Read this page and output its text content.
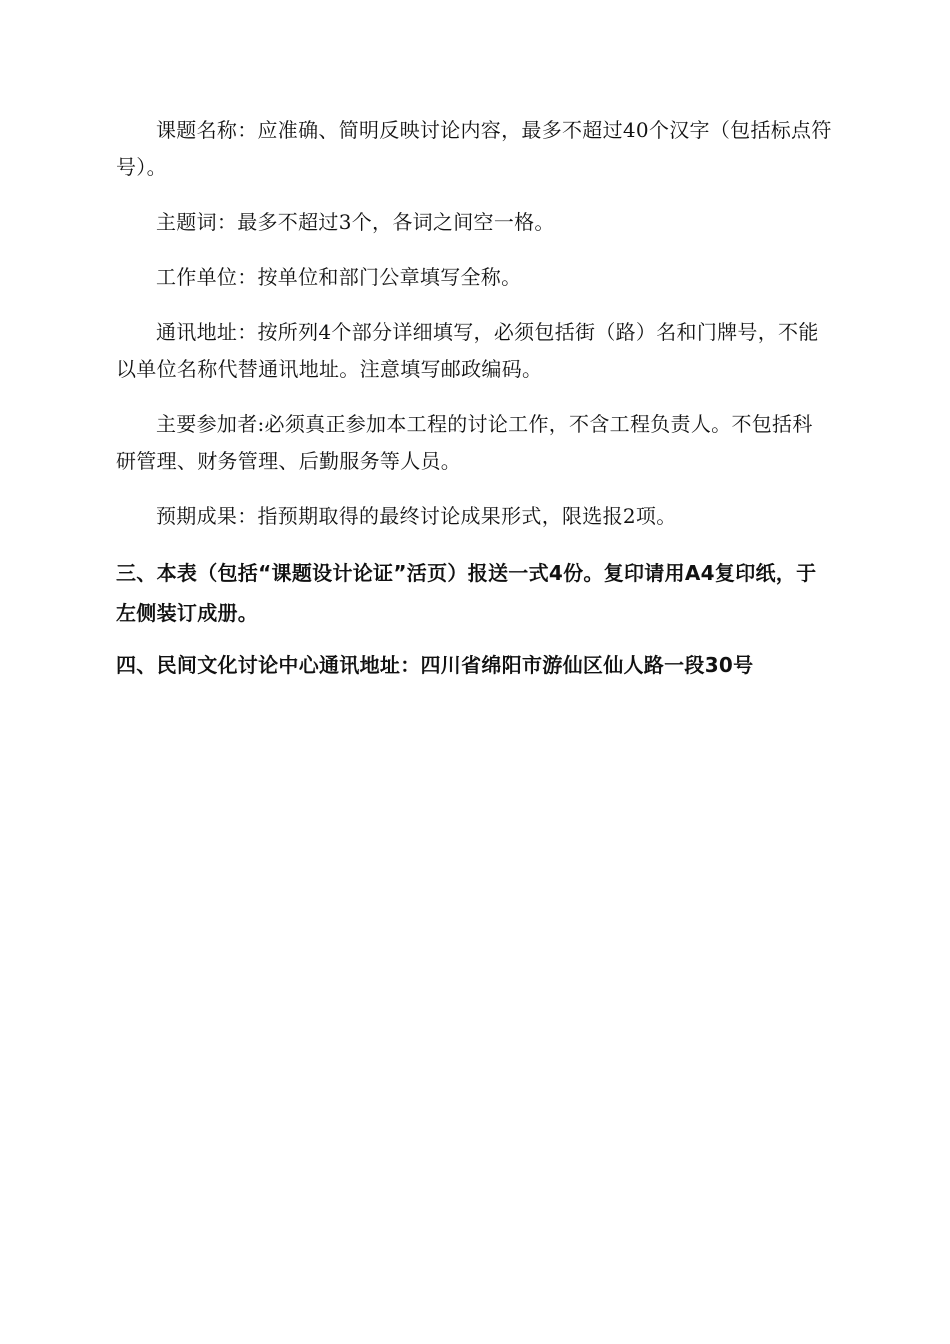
课题名称：应准确、简明反映讨论内容，最多不超过40个汉字（包括标点符号）。

主题词：最多不超过3个，各词之间空一格。

工作单位：按单位和部门公章填写全称。

通讯地址：按所列4个部分详细填写，必须包括街（路）名和门牌号，不能以单位名称代替通讯地址。注意填写邮政编码。

主要参加者:必须真正参加本工程的讨论工作，不含工程负责人。不包括科研管理、财务管理、后勤服务等人员。

预期成果：指预期取得的最终讨论成果形式，限选报2项。

三、本表（包括“课题设计论证”活页）报送一式4份。复印请用A4复印纸，于左侧装订成册。

四、民间文化讨论中心通讯地址：四川省绵阳市游仙区仙人路一段30号
